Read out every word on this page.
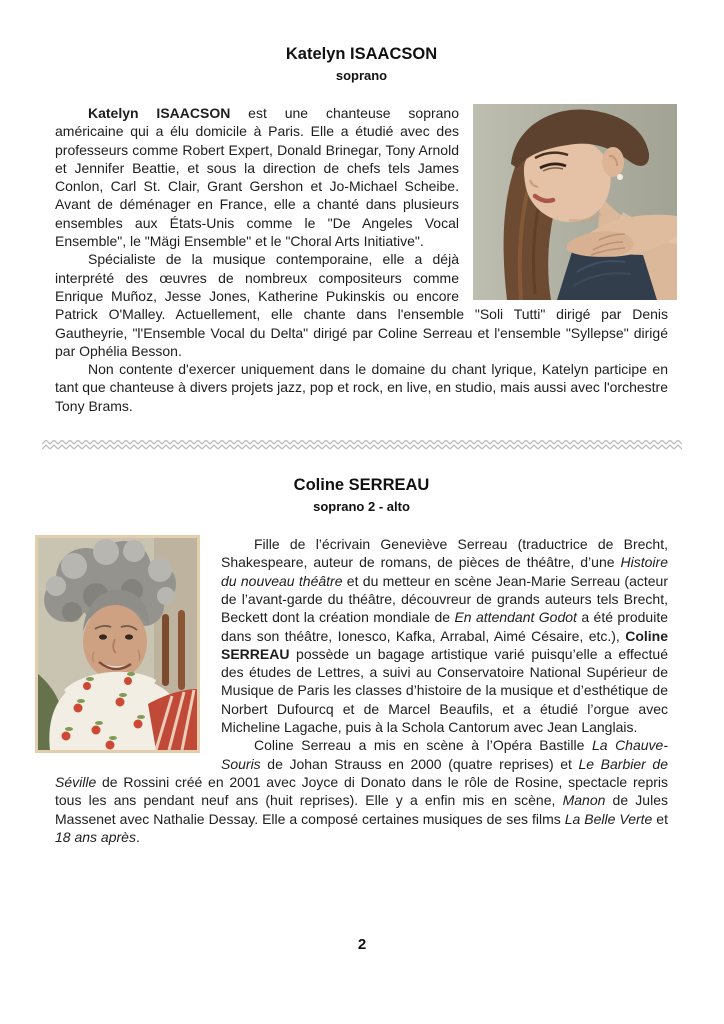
Katelyn ISAACSON
soprano

Katelyn ISAACSON est une chanteuse soprano américaine qui a élu domicile à Paris. Elle a étudié avec des professeurs comme Robert Expert, Donald Brinegar, Tony Arnold et Jennifer Beattie, et sous la direction de chefs tels James Conlon, Carl St. Clair, Grant Gershon et Jo-Michael Scheibe. Avant de déménager en France, elle a chanté dans plusieurs ensembles aux États-Unis comme le "De Angeles Vocal Ensemble", le "Mägi Ensemble" et le "Choral Arts Initiative".

Spécialiste de la musique contemporaine, elle a déjà interprété des œuvres de nombreux compositeurs comme Enrique Muñoz, Jesse Jones, Katherine Pukinskis ou encore Patrick O'Malley. Actuellement, elle chante dans l'ensemble "Soli Tutti" dirigé par Denis Gautheyrie, "l'Ensemble Vocal du Delta" dirigé par Coline Serreau et l'ensemble "Syllepse" dirigé par Ophélia Besson.

Non contente d'exercer uniquement dans le domaine du chant lyrique, Katelyn participe en tant que chanteuse à divers projets jazz, pop et rock, en live, en studio, mais aussi avec l'orchestre Tony Brams.

Coline SERREAU
soprano 2 - alto

Fille de l’écrivain Geneviève Serreau (traductrice de Brecht, Shakespeare, auteur de romans, de pièces de théâtre, d’une Histoire du nouveau théâtre et du metteur en scène Jean-Marie Serreau (acteur de l’avant-garde du théâtre, découvreur de grands auteurs tels Brecht, Beckett dont la création mondiale de En attendant Godot a été produite dans son théâtre, Ionesco, Kafka, Arrabal, Aimé Césaire, etc.), Coline SERREAU possède un bagage artistique varié puisqu’elle a effectué des études de Lettres, a suivi au Conservatoire National Supérieur de Musique de Paris les classes d’histoire de la musique et d’esthétique de Norbert Dufourcq et de Marcel Beaufils, et a étudié l’orgue avec Micheline Lagache, puis à la Schola Cantorum avec Jean Langlais.

Coline Serreau a mis en scène à l’Opéra Bastille La Chauve-Souris de Johan Strauss en 2000 (quatre reprises) et Le Barbier de Séville de Rossini créé en 2001 avec Joyce di Donato dans le rôle de Rosine, spectacle repris tous les ans pendant neuf ans (huit reprises). Elle y a enfin mis en scène, Manon de Jules Massenet avec Nathalie Dessay. Elle a composé certaines musiques de ses films La Belle Verte et 18 ans après.

2
